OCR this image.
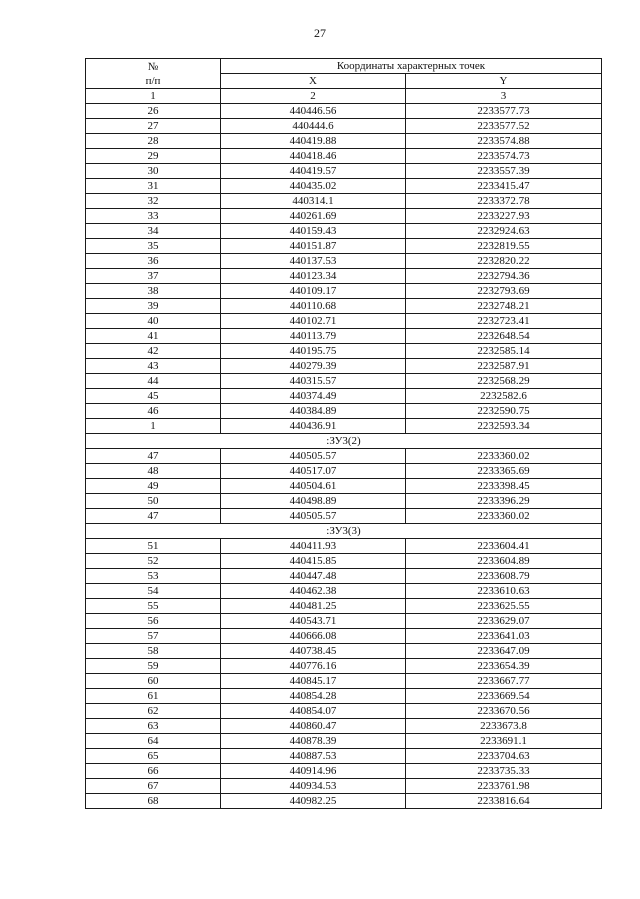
27
№
п/п	Координаты характерных точек	
	X	Y
1	2	3
26	440446.56	2233577.73
27	440444.6	2233577.52
28	440419.88	2233574.88
29	440418.46	2233574.73
30	440419.57	2233557.39
31	440435.02	2233415.47
32	440314.1	2233372.78
33	440261.69	2233227.93
34	440159.43	2232924.63
35	440151.87	2232819.55
36	440137.53	2232820.22
37	440123.34	2232794.36
38	440109.17	2232793.69
39	440110.68	2232748.21
40	440102.71	2232723.41
41	440113.79	2232648.54
42	440195.75	2232585.14
43	440279.39	2232587.91
44	440315.57	2232568.29
45	440374.49	2232582.6
46	440384.89	2232590.75
1	440436.91	2232593.34
:ЗУ3(2)		
47	440505.57	2233360.02
48	440517.07	2233365.69
49	440504.61	2233398.45
50	440498.89	2233396.29
47	440505.57	2233360.02
:ЗУ3(3)		
51	440411.93	2233604.41
52	440415.85	2233604.89
53	440447.48	2233608.79
54	440462.38	2233610.63
55	440481.25	2233625.55
56	440543.71	2233629.07
57	440666.08	2233641.03
58	440738.45	2233647.09
59	440776.16	2233654.39
60	440845.17	2233667.77
61	440854.28	2233669.54
62	440854.07	2233670.56
63	440860.47	2233673.8
64	440878.39	2233691.1
65	440887.53	2233704.63
66	440914.96	2233735.33
67	440934.53	2233761.98
68	440982.25	2233816.64
